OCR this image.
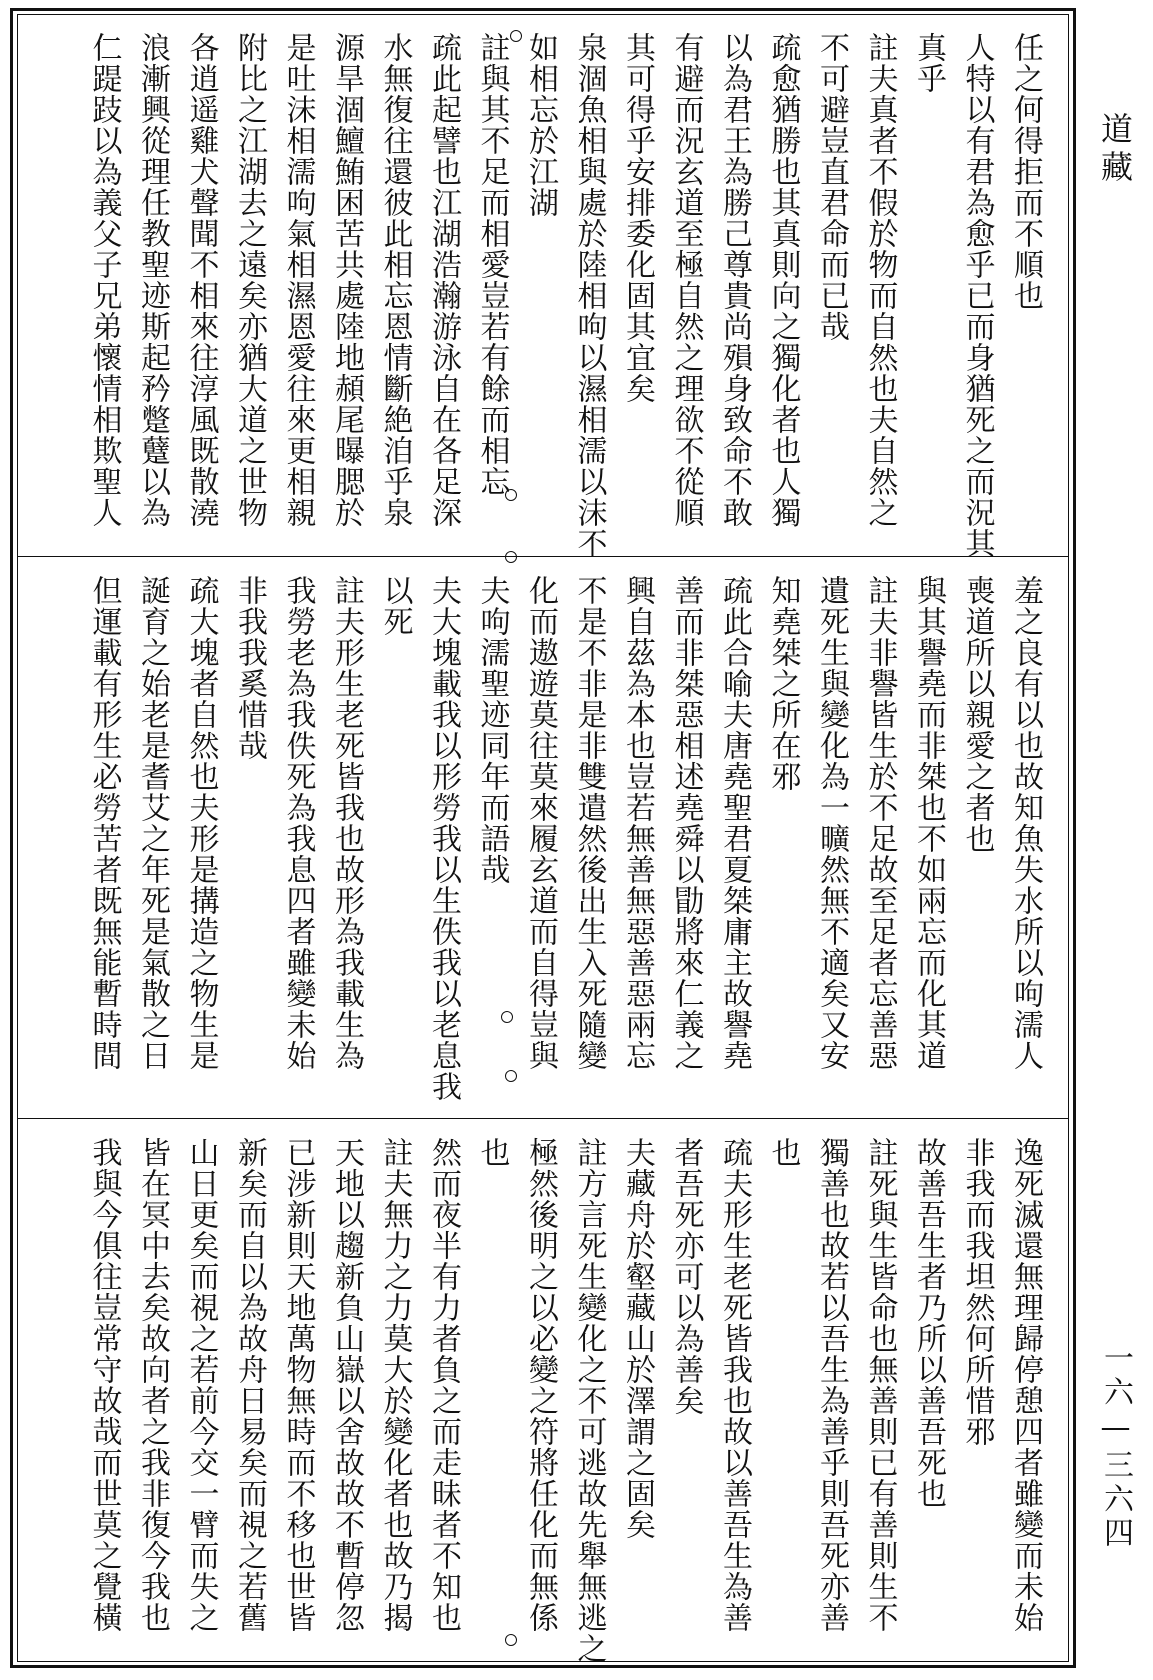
道藏
一六—三六四
任之何得拒而不順也
人特以有君為愈乎已而身猶死之而況其
真乎
註夫真者不假於物而自然也夫自然之
不可避豈直君命而已哉
疏愈猶勝也其真則向之獨化者也人獨
以為君王為勝己尊貴尚殞身致命不敢
有避而況玄道至極自然之理欲不從順
其可得乎安排委化固其宜矣
泉涸魚相與處於陸相呴以濕相濡以沫不
如相忘於江湖
註與其不足而相愛豈若有餘而相忘
疏此起譬也江湖浩瀚游泳自在各足深
水無復往還彼此相忘恩情斷絶洎乎泉
源旱涸鱣鮪困苦共處陸地頳尾曝腮於
是吐沫相濡呴氣相濕恩愛往來更相親
附比之江湖去之遠矣亦猶大道之世物
各逍遥雞犬聲聞不相來往淳風既散澆
浪漸興從理任教聖迹斯起矜蹩躠以為
仁踶跂以為義父子兄弟懷情相欺聖人
羞之良有以也故知魚失水所以呴濡人
喪道所以親愛之者也
與其譽堯而非桀也不如兩忘而化其道
註夫非譽皆生於不足故至足者忘善惡
遺死生與變化為一曠然無不適矣又安
知堯桀之所在邪
疏此合喻夫唐堯聖君夏桀庸主故譽堯
善而非桀惡相述堯舜以勖將來仁義之
興自茲為本也豈若無善無惡善惡兩忘
不是不非是非雙遣然後出生入死隨變
化而遨遊莫往莫來履玄道而自得豈與
夫呴濡聖迹同年而語哉
夫大塊載我以形勞我以生佚我以老息我
以死
註夫形生老死皆我也故形為我載生為
我勞老為我佚死為我息四者雖變未始
非我我奚惜哉
疏大塊者自然也夫形是搆造之物生是
誕育之始老是耆艾之年死是氣散之日
但運載有形生必勞苦者既無能暫時間
逸死滅還無理歸停憩四者雖變而未始
非我而我坦然何所惜邪
故善吾生者乃所以善吾死也
註死與生皆命也無善則已有善則生不
獨善也故若以吾生為善乎則吾死亦善
也
疏夫形生老死皆我也故以善吾生為善
者吾死亦可以為善矣
夫藏舟於壑藏山於澤謂之固矣
註方言死生變化之不可逃故先舉無逃之
極然後明之以必變之符將任化而無係
也
然而夜半有力者負之而走昧者不知也
註夫無力之力莫大於變化者也故乃揭
天地以趨新負山嶽以舍故故不暫停忽
已涉新則天地萬物無時而不移也世皆
新矣而自以為故舟日易矣而視之若舊
山日更矣而視之若前今交一臂而失之
皆在冥中去矣故向者之我非復今我也
我與今俱往豈常守故哉而世莫之覺橫
